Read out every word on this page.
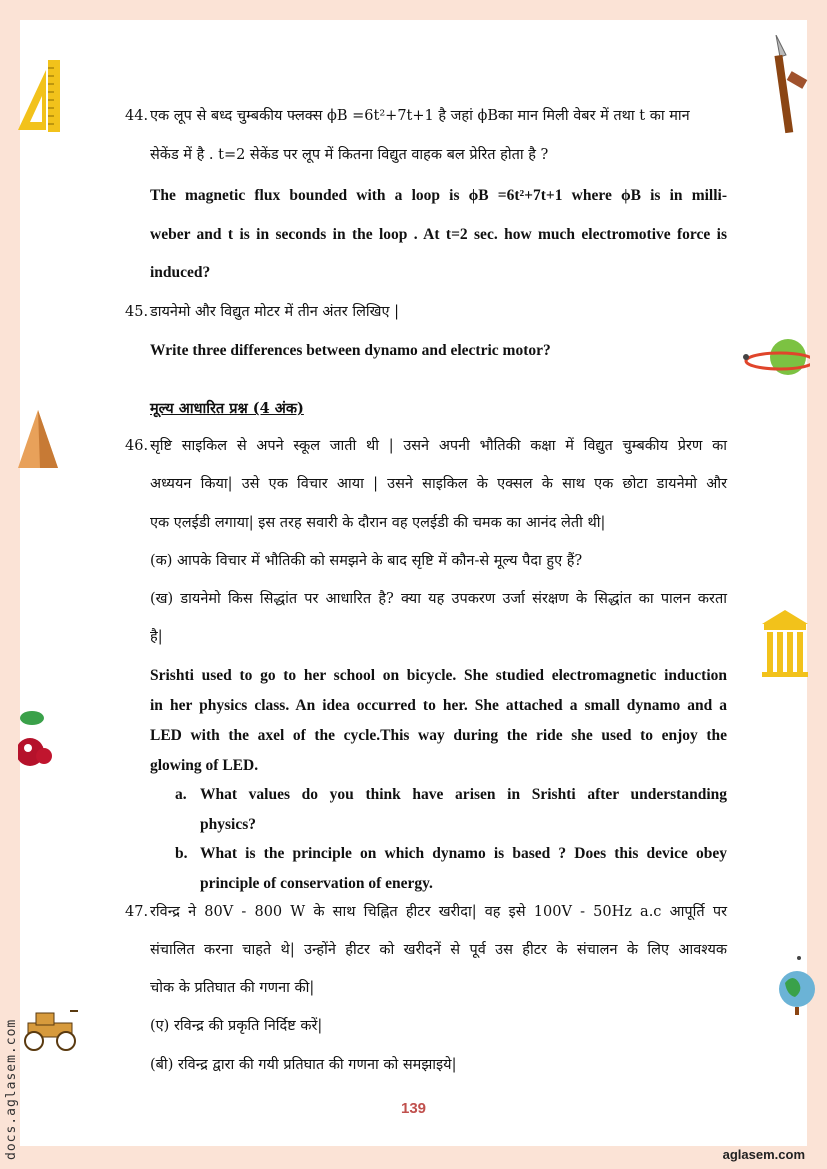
44. एक लूप से बध्द चुम्बकीय फ्लक्स ϕB =6t²+7t+1 है जहां ϕBका मान मिली वेबर में तथा t का मान
सेकेंड में है . t=2 सेकेंड पर लूप में कितना विद्युत वाहक बल प्रेरित होता है ?
The magnetic flux bounded with a loop is ϕB =6t²+7t+1 where ϕB is in milli-
weber and t is in seconds in the loop . At t=2 sec. how much electromotive force is
induced?
45. डायनेमो और विद्युत मोटर में तीन अंतर लिखिए |
Write three differences between dynamo and electric motor?
मूल्य आधारित प्रश्न (4 अंक)
46. सृष्टि साइकिल से अपने स्कूल जाती थी | उसने अपनी भौतिकी कक्षा में विद्युत चुम्बकीय प्रेरण का
अध्ययन किया| उसे एक विचार आया | उसने साइकिल के एक्सल के साथ एक छोटा डायनेमो और
एक एलईडी लगाया| इस तरह सवारी के दौरान वह एलईडी की चमक का आनंद लेती थी|
(क) आपके विचार में भौतिकी को समझने के बाद सृष्टि में कौन-से मूल्य पैदा हुए हैं?
(ख) डायनेमो किस सिद्धांत पर आधारित है? क्या यह उपकरण उर्जा संरक्षण के सिद्धांत का पालन करता
है|
Srishti used to go to her school on bicycle. She studied electromagnetic induction
in her physics class. An idea occurred to her. She attached a small dynamo and a
LED with the axel of the cycle.This way during the ride she used to enjoy the
glowing of LED.
a. What values do you think have arisen in Srishti after understanding
physics?
b. What is the principle on which dynamo is based ? Does this device obey
principle of conservation of energy.
47. रविन्द्र ने 80V - 800 W के साथ चिह्नित हीटर खरीदा| वह इसे 100V - 50Hz a.c आपूर्ति पर
संचालित करना चाहते थे| उन्होंने हीटर को खरीदनें से पूर्व उस हीटर के संचालन के लिए आवश्यक
चोक के प्रतिघात की गणना की|
(ए) रविन्द्र की प्रकृति निर्दिष्ट करें|
(बी) रविन्द्र द्वारा की गयी प्रतिघात की गणना को समझाइये|
139
aglasem.com
docs.aglasem.com
